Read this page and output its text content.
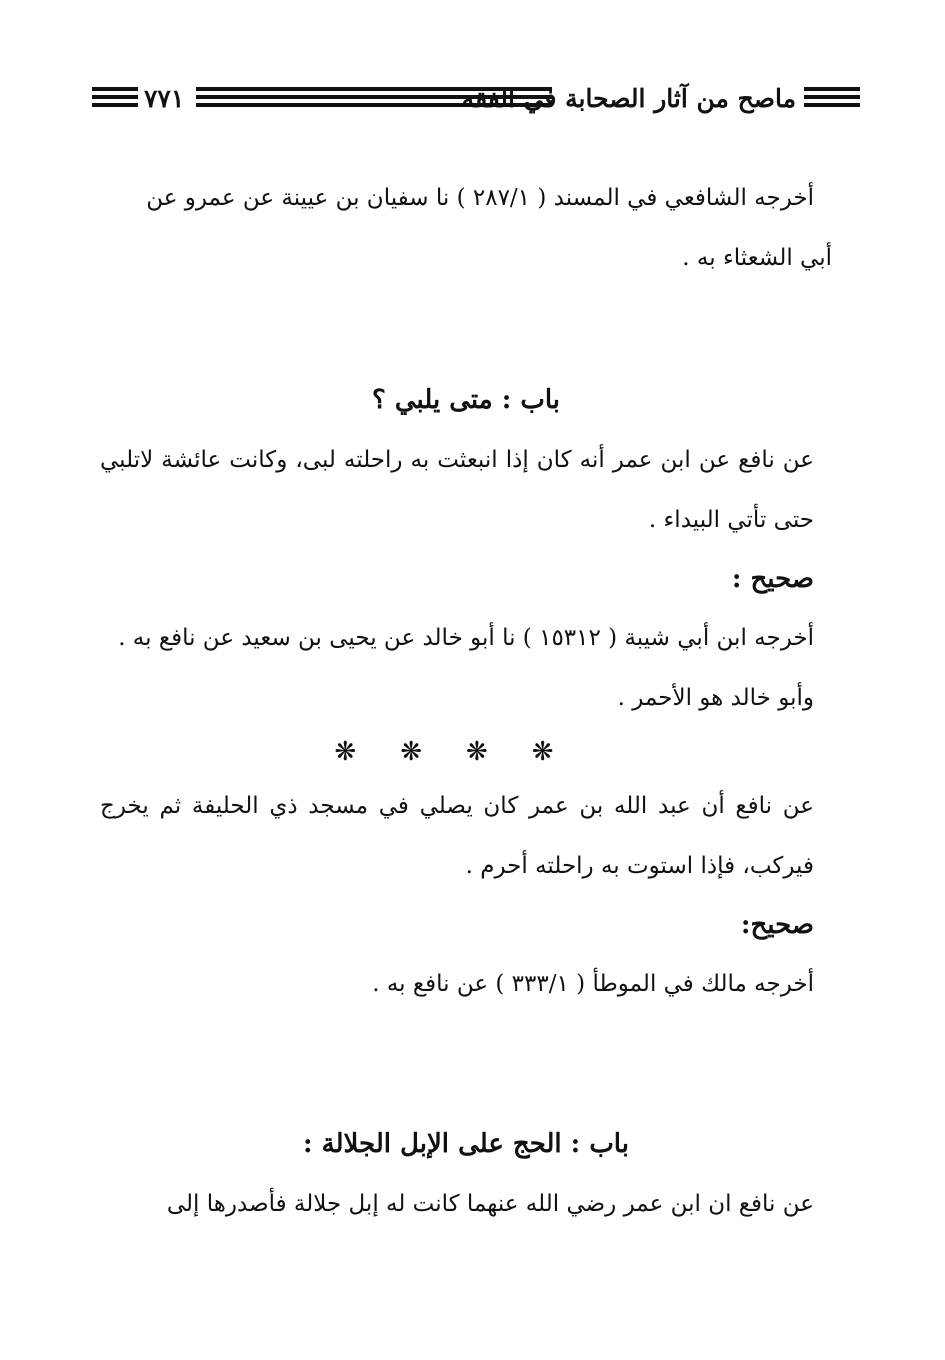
٧٧١	ماصح من آثار الصحابة في الفقه

أخرجه الشافعي في المسند ( ٢٨٧/١ ) نا سفيان بن عيينة عن عمرو عن

أبي الشعثاء به .

باب : متى يلبي ؟

عن نافع عن ابن عمر أنه كان إذا انبعثت به راحلته لبى، وكانت عائشة لاتلبي حتى تأتي البيداء .

صحيح :

أخرجه ابن أبي شيبة ( ١٥٣١٢ ) نا أبو خالد عن يحيى بن سعيد عن نافع به .

وأبو خالد هو الأحمر .

❋❋❋❋

عن نافع أن عبد الله بن عمر كان يصلي في مسجد ذي الحليفة ثم يخرج فيركب، فإذا استوت به راحلته أحرم .

صحيح:

أخرجه مالك في الموطأ ( ٣٣٣/١ ) عن نافع به .

باب : الحج على الإبل الجلالة :

عن نافع ان ابن عمر رضي الله عنهما كانت له إبل جلالة فأصدرها إلى
